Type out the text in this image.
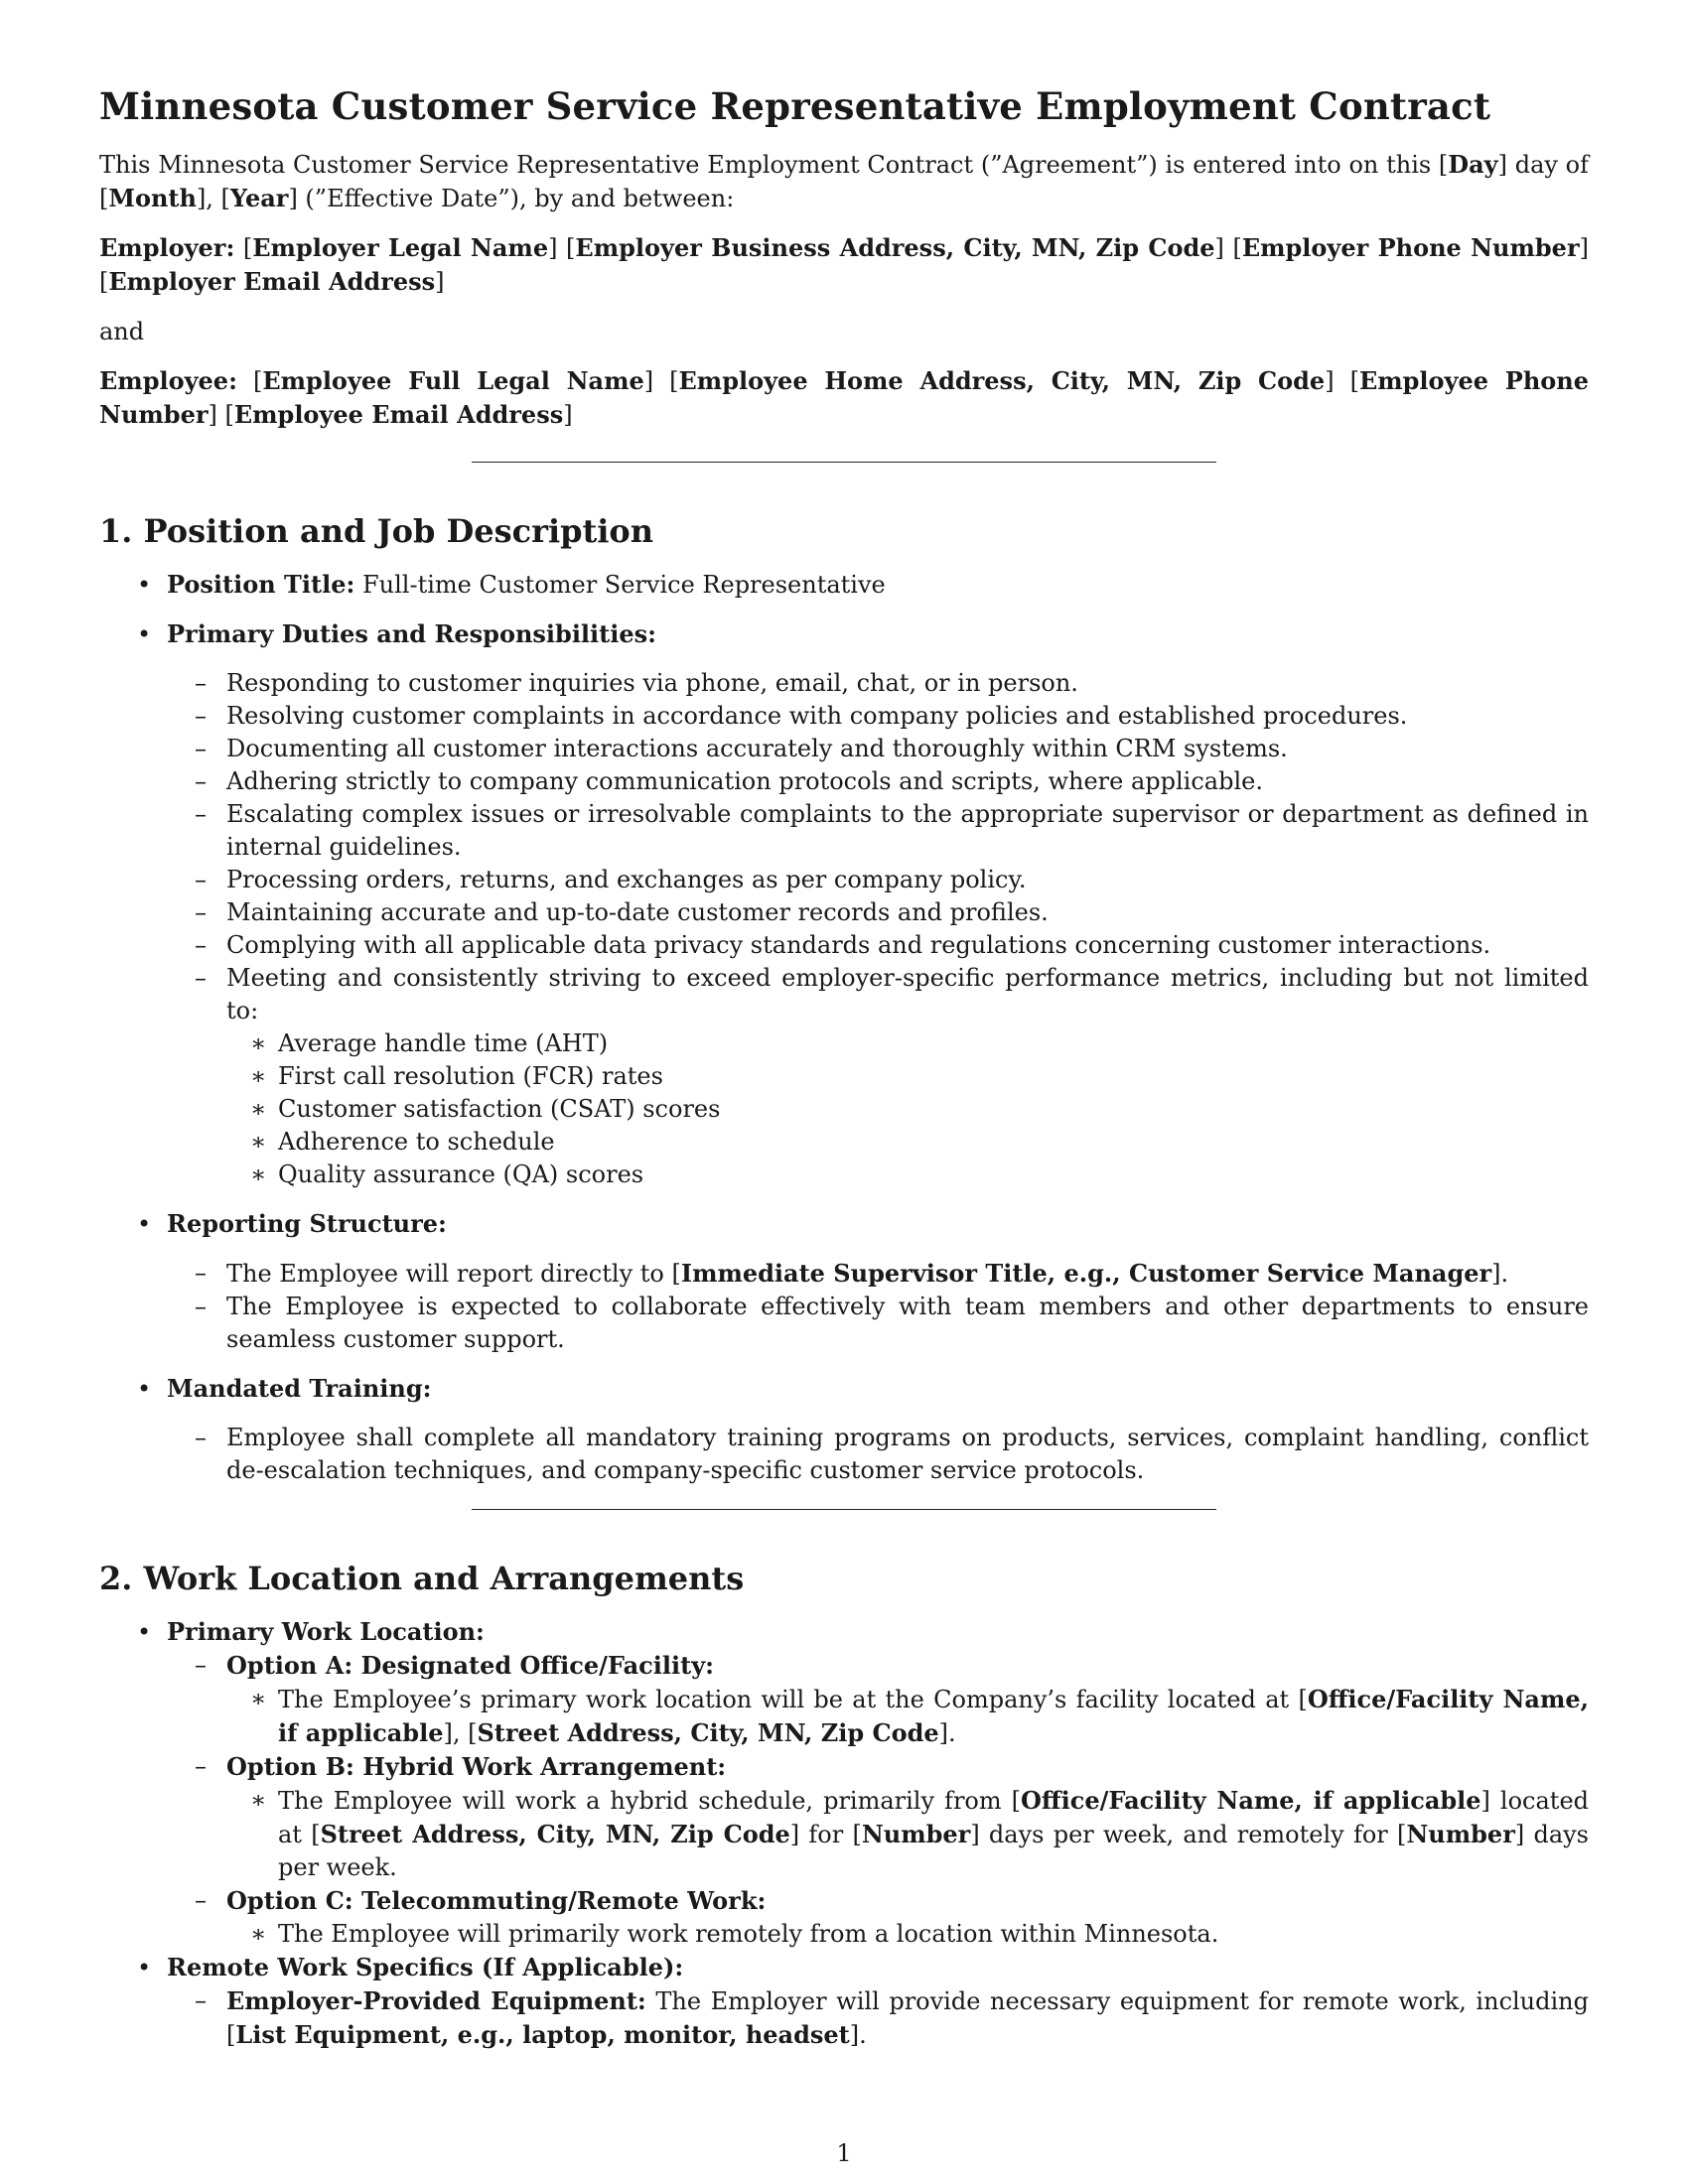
Minnesota Customer Service Representative Employment Contract

This Minnesota Customer Service Representative Employment Contract (”Agreement”) is entered into on this [Day] day of [Month], [Year] (”Effective Date”), by and between:

Employer: [Employer Legal Name] [Employer Business Address, City, MN, Zip Code] [Employer Phone Number] [Employer Email Address]

and

Employee: [Employee Full Legal Name] [Employee Home Address, City, MN, Zip Code] [Employee Phone Number] [Employee Email Address]

1. Position and Job Description
• Position Title: Full-time Customer Service Representative
• Primary Duties and Responsibilities:
– Responding to customer inquiries via phone, email, chat, or in person.
– Resolving customer complaints in accordance with company policies and established procedures.
– Documenting all customer interactions accurately and thoroughly within CRM systems.
– Adhering strictly to company communication protocols and scripts, where applicable.
– Escalating complex issues or irresolvable complaints to the appropriate supervisor or department as defined in internal guidelines.
– Processing orders, returns, and exchanges as per company policy.
– Maintaining accurate and up-to-date customer records and profiles.
– Complying with all applicable data privacy standards and regulations concerning customer interactions.
– Meeting and consistently striving to exceed employer-specific performance metrics, including but not limited to:
∗ Average handle time (AHT)
∗ First call resolution (FCR) rates
∗ Customer satisfaction (CSAT) scores
∗ Adherence to schedule
∗ Quality assurance (QA) scores
• Reporting Structure:
– The Employee will report directly to [Immediate Supervisor Title, e.g., Customer Service Manager].
– The Employee is expected to collaborate effectively with team members and other departments to ensure seamless customer support.
• Mandated Training:
– Employee shall complete all mandatory training programs on products, services, complaint handling, conflict de-escalation techniques, and company-specific customer service protocols.
2. Work Location and Arrangements
• Primary Work Location:
– Option A: Designated Office/Facility:
∗ The Employee’s primary work location will be at the Company’s facility located at [Office/Facility Name, if applicable], [Street Address, City, MN, Zip Code].
– Option B: Hybrid Work Arrangement:
∗ The Employee will work a hybrid schedule, primarily from [Office/Facility Name, if applicable] located at [Street Address, City, MN, Zip Code] for [Number] days per week, and remotely for [Number] days per week.
– Option C: Telecommuting/Remote Work:
∗ The Employee will primarily work remotely from a location within Minnesota.
• Remote Work Specifics (If Applicable):
– Employer-Provided Equipment: The Employer will provide necessary equipment for remote work, including [List Equipment, e.g., laptop, monitor, headset].
1
